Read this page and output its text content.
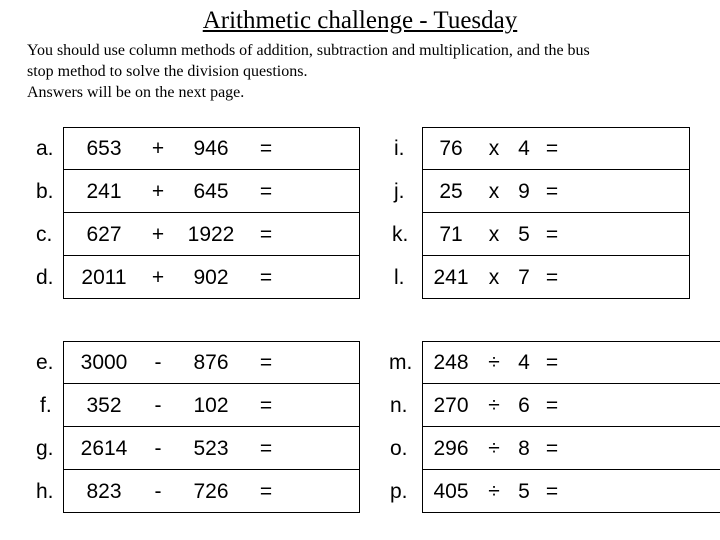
Arithmetic challenge - Tuesday
You should use column methods of addition, subtraction and multiplication, and the bus
stop method to solve the division questions.
Answers will be on the next page.
a.	653	+	946	=
b.	241	+	645	=
c.	627	+	1922	=
d.	2011	+	902	=
e.	3000	-	876	=
f.	352	-	102	=
g.	2614	-	523	=
h.	823	-	726	=
i.	76	x 4 =
j.	25	x 9 =
k.	71	x 5 =
l.	241 x 7 =
m.	248 ÷ 4 =
n.	270 ÷ 6 =
o.	296 ÷ 8 =
p.	405 ÷ 5 =
